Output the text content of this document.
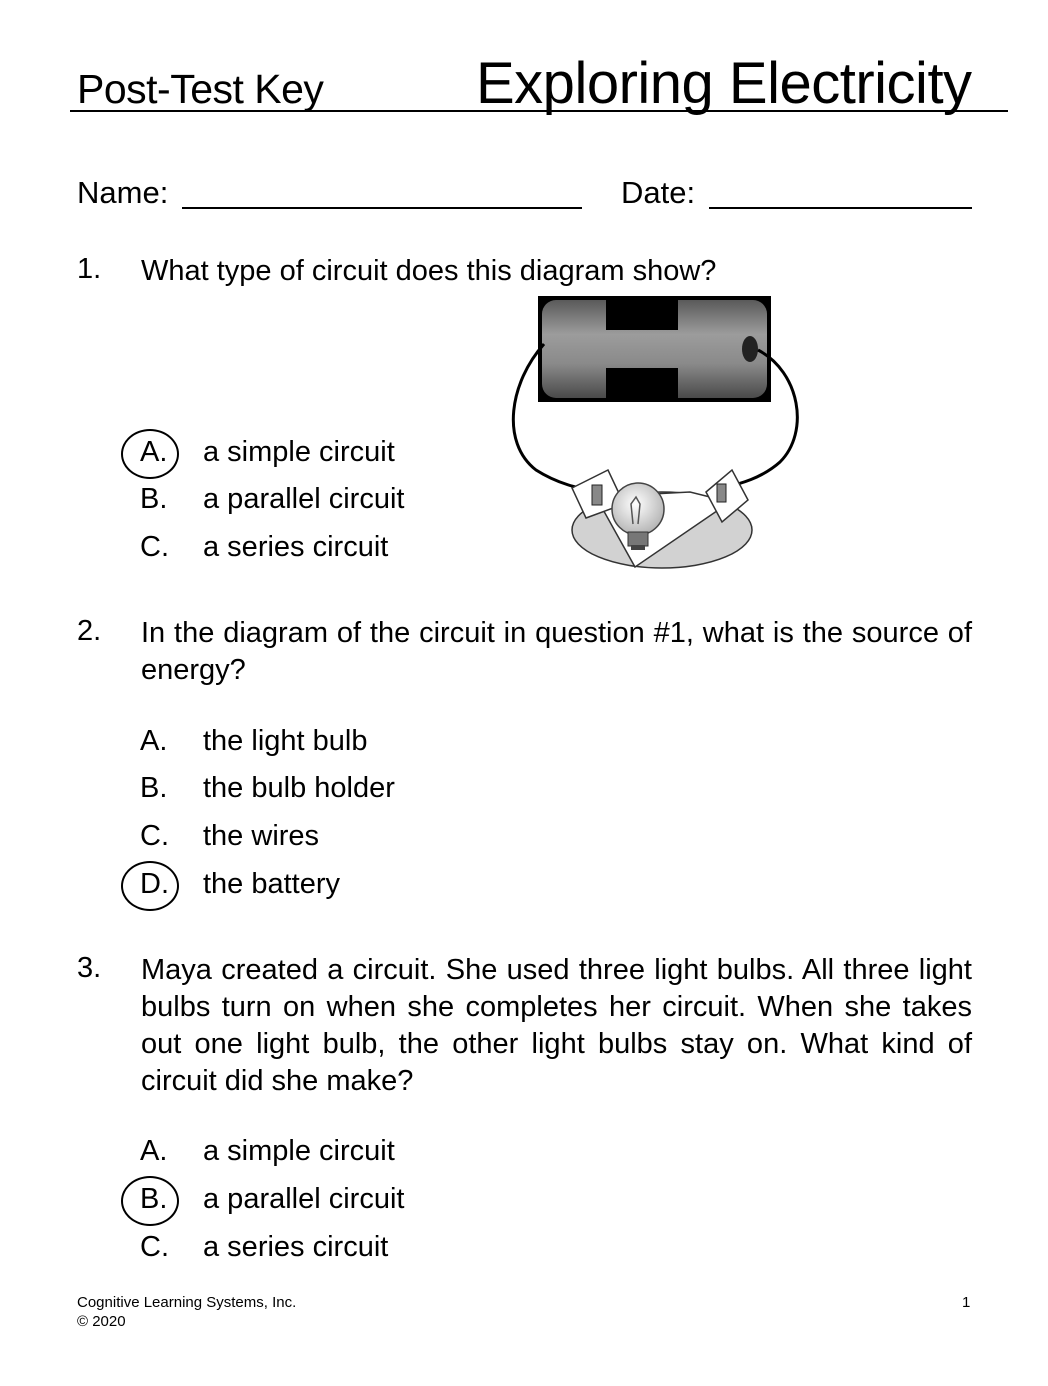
Post-Test Key	Exploring Electricity
Name:	Date:
1.	What type of circuit does this diagram show?
A. a simple circuit
B. a parallel circuit
C. a series circuit
2.	In the diagram of the circuit in question #1, what is the source of energy?
A. the light bulb
B. the bulb holder
C. the wires
D. the battery
3.	Maya created a circuit. She used three light bulbs. All three light bulbs turn on when she completes her circuit. When she takes out one light bulb, the other light bulbs stay on. What kind of circuit did she make?
A. a simple circuit
B. a parallel circuit
C. a series circuit
Cognitive Learning Systems, Inc.
© 2020
1
